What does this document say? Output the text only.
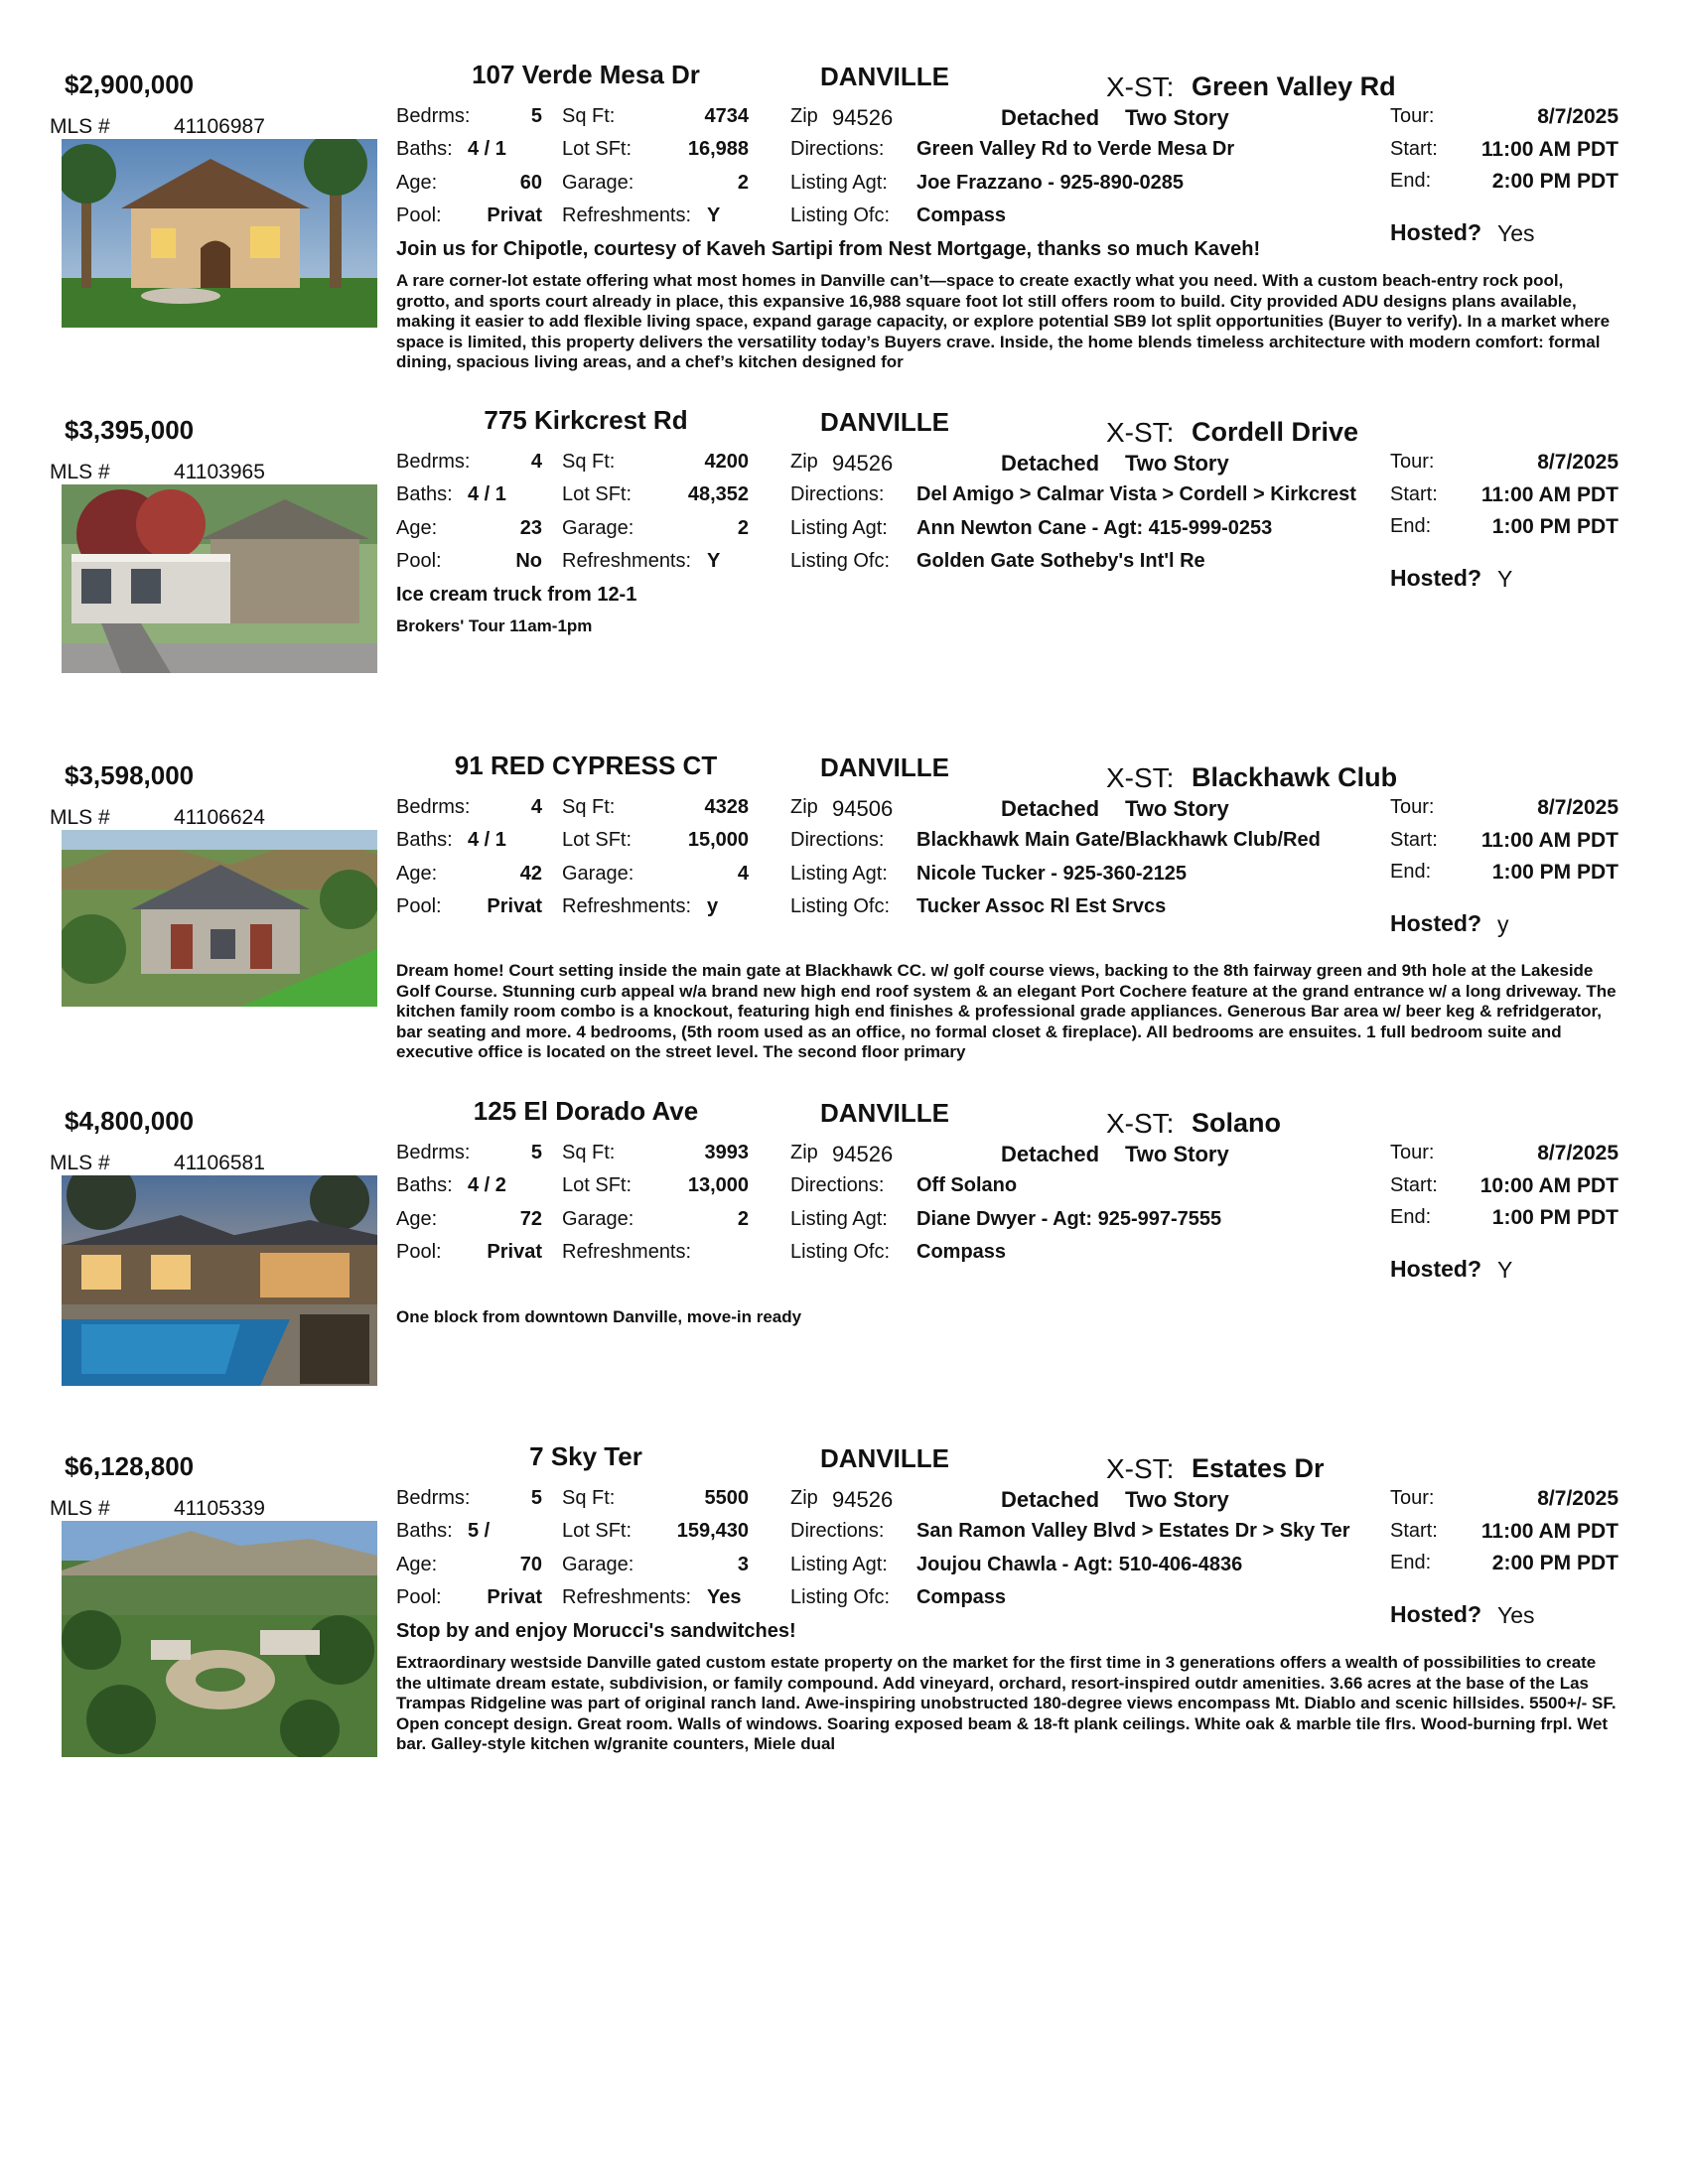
$2,900,000	107 Verde Mesa Dr	DANVILLE	X-ST: Green Valley Rd
MLS #	41106987	Bedrms:	5
Baths: 4 / 1
Age:	60
Pool:	Privat
Sq Ft:	4734
Lot SFt:	16,988
Garage:	2
Refreshments: Y
Zip 94526	Detached Two Story
Directions: Green Valley Rd to Verde Mesa Dr
Listing Agt: Joe Frazzano - 925-890-0285
Listing Ofc: Compass
Tour:	8/7/2025
Start:	11:00 AM PDT
End:	2:00 PM PDT
Hosted? Yes
Join us for Chipotle, courtesy of Kaveh Sartipi from Nest Mortgage, thanks so much Kaveh!
A rare corner-lot estate offering what most homes in Danville can’t—space to create exactly what you need. With a custom beach-entry rock pool, grotto, and sports court already in place, this expansive 16,988 square foot lot still offers room to build. City provided ADU designs plans available, making it easier to add flexible living space, expand garage capacity, or explore potential SB9 lot split opportunities (Buyer to verify). In a market where space is limited, this property delivers the versatility today’s Buyers crave. Inside, the home blends timeless architecture with modern comfort: formal dining, spacious living areas, and a chef’s kitchen designed for
$3,395,000	775 Kirkcrest Rd	DANVILLE	X-ST: Cordell Drive
MLS #	41103965	Bedrms:	4
Baths: 4 / 1
Age:	23
Pool:	No
Sq Ft:	4200
Lot SFt:	48,352
Garage:	2
Refreshments: Y
Zip 94526	Detached Two Story
Directions: Del Amigo > Calmar Vista > Cordell > Kirkcrest
Listing Agt: Ann Newton Cane - Agt: 415-999-0253
Listing Ofc: Golden Gate Sotheby's Int'l Re
Tour:	8/7/2025
Start:	11:00 AM PDT
End:	1:00 PM PDT
Hosted? Y
Ice cream truck from 12-1
Brokers' Tour 11am-1pm
$3,598,000	91 RED CYPRESS CT	DANVILLE	X-ST: Blackhawk Club
MLS #	41106624	Bedrms:	4
Baths: 4 / 1
Age:	42
Pool:	Privat
Sq Ft:	4328
Lot SFt:	15,000
Garage:	4
Refreshments: y
Zip 94506	Detached Two Story
Directions: Blackhawk Main Gate/Blackhawk Club/Red
Listing Agt: Nicole Tucker - 925-360-2125
Listing Ofc: Tucker Assoc Rl Est Srvcs
Tour:	8/7/2025
Start:	11:00 AM PDT
End:	1:00 PM PDT
Hosted? y
Dream home! Court setting inside the main gate at Blackhawk CC. w/ golf course views, backing to the 8th fairway green and 9th hole at the Lakeside Golf Course. Stunning curb appeal w/a brand new high end roof system & an elegant Port Cochere feature at the grand entrance w/ a long driveway. The kitchen family room combo is a knockout, featuring high end finishes & professional grade appliances. Generous Bar area w/ beer keg & refridgerator, bar seating and more. 4 bedrooms, (5th room used as an office, no formal closet & fireplace). All bedrooms are ensuites. 1 full bedroom suite and executive office is located on the street level. The second floor primary
$4,800,000	125 El Dorado Ave	DANVILLE	X-ST: Solano
MLS #	41106581	Bedrms:	5
Baths: 4 / 2
Age:	72
Pool:	Privat
Sq Ft:	3993
Lot SFt:	13,000
Garage:	2
Refreshments:
Zip 94526	Detached Two Story
Directions: Off Solano
Listing Agt: Diane Dwyer - Agt: 925-997-7555
Listing Ofc: Compass
Tour:	8/7/2025
Start:	10:00 AM PDT
End:	1:00 PM PDT
Hosted? Y
One block from downtown Danville, move-in ready
$6,128,800	7 Sky Ter	DANVILLE	X-ST: Estates Dr
MLS #	41105339	Bedrms:	5
Baths: 5 /
Age:	70
Pool:	Privat
Sq Ft:	5500
Lot SFt:	159,430
Garage:	3
Refreshments: Yes
Zip 94526	Detached Two Story
Directions: San Ramon Valley Blvd > Estates Dr > Sky Ter
Listing Agt: Joujou Chawla - Agt: 510-406-4836
Listing Ofc: Compass
Tour:	8/7/2025
Start:	11:00 AM PDT
End:	2:00 PM PDT
Hosted? Yes
Stop by and enjoy Morucci's sandwitches!
Extraordinary westside Danville gated custom estate property on the market for the first time in 3 generations offers a wealth of possibilities to create the ultimate dream estate, subdivision, or family compound. Add vineyard, orchard, resort-inspired outdr amenities. 3.66 acres at the base of the Las Trampas Ridgeline was part of original ranch land. Awe-inspiring unobstructed 180-degree views encompass Mt. Diablo and scenic hillsides. 5500+/- SF. Open concept design. Great room. Walls of windows. Soaring exposed beam & 18-ft plank ceilings. White oak & marble tile flrs. Wood-burning frpl. Wet bar. Galley-style kitchen w/granite counters, Miele dual
